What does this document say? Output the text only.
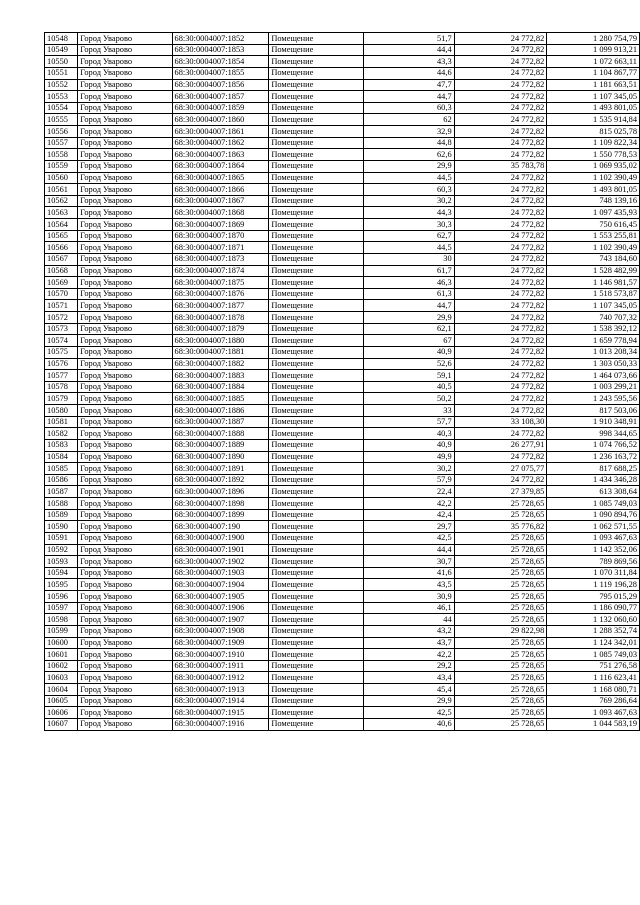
10548	Город Уварово	68:30:0004007:1852	Помещение	51,7	24 772,82	1 280 754,79
10549	Город Уварово	68:30:0004007:1853	Помещение	44,4	24 772,82	1 099 913,21
10550	Город Уварово	68:30:0004007:1854	Помещение	43,3	24 772,82	1 072 663,11
10551	Город Уварово	68:30:0004007:1855	Помещение	44,6	24 772,82	1 104 867,77
10552	Город Уварово	68:30:0004007:1856	Помещение	47,7	24 772,82	1 181 663,51
10553	Город Уварово	68:30:0004007:1857	Помещение	44,7	24 772,82	1 107 345,05
10554	Город Уварово	68:30:0004007:1859	Помещение	60,3	24 772,82	1 493 801,05
10555	Город Уварово	68:30:0004007:1860	Помещение	62	24 772,82	1 535 914,84
10556	Город Уварово	68:30:0004007:1861	Помещение	32,9	24 772,82	815 025,78
10557	Город Уварово	68:30:0004007:1862	Помещение	44,8	24 772,82	1 109 822,34
10558	Город Уварово	68:30:0004007:1863	Помещение	62,6	24 772,82	1 550 778,53
10559	Город Уварово	68:30:0004007:1864	Помещение	29,9	35 783,78	1 069 935,02
10560	Город Уварово	68:30:0004007:1865	Помещение	44,5	24 772,82	1 102 390,49
10561	Город Уварово	68:30:0004007:1866	Помещение	60,3	24 772,82	1 493 801,05
10562	Город Уварово	68:30:0004007:1867	Помещение	30,2	24 772,82	748 139,16
10563	Город Уварово	68:30:0004007:1868	Помещение	44,3	24 772,82	1 097 435,93
10564	Город Уварово	68:30:0004007:1869	Помещение	30,3	24 772,82	750 616,45
10565	Город Уварово	68:30:0004007:1870	Помещение	62,7	24 772,82	1 553 255,81
10566	Город Уварово	68:30:0004007:1871	Помещение	44,5	24 772,82	1 102 390,49
10567	Город Уварово	68:30:0004007:1873	Помещение	30	24 772,82	743 184,60
10568	Город Уварово	68:30:0004007:1874	Помещение	61,7	24 772,82	1 528 482,99
10569	Город Уварово	68:30:0004007:1875	Помещение	46,3	24 772,82	1 146 981,57
10570	Город Уварово	68:30:0004007:1876	Помещение	61,3	24 772,82	1 518 573,87
10571	Город Уварово	68:30:0004007:1877	Помещение	44,7	24 772,82	1 107 345,05
10572	Город Уварово	68:30:0004007:1878	Помещение	29,9	24 772,82	740 707,32
10573	Город Уварово	68:30:0004007:1879	Помещение	62,1	24 772,82	1 538 392,12
10574	Город Уварово	68:30:0004007:1880	Помещение	67	24 772,82	1 659 778,94
10575	Город Уварово	68:30:0004007:1881	Помещение	40,9	24 772,82	1 013 208,34
10576	Город Уварово	68:30:0004007:1882	Помещение	52,6	24 772,82	1 303 050,33
10577	Город Уварово	68:30:0004007:1883	Помещение	59,1	24 772,82	1 464 073,66
10578	Город Уварово	68:30:0004007:1884	Помещение	40,5	24 772,82	1 003 299,21
10579	Город Уварово	68:30:0004007:1885	Помещение	50,2	24 772,82	1 243 595,56
10580	Город Уварово	68:30:0004007:1886	Помещение	33	24 772,82	817 503,06
10581	Город Уварово	68:30:0004007:1887	Помещение	57,7	33 108,30	1 910 348,91
10582	Город Уварово	68:30:0004007:1888	Помещение	40,3	24 772,82	998 344,65
10583	Город Уварово	68:30:0004007:1889	Помещение	40,9	26 277,91	1 074 766,52
10584	Город Уварово	68:30:0004007:1890	Помещение	49,9	24 772,82	1 236 163,72
10585	Город Уварово	68:30:0004007:1891	Помещение	30,2	27 075,77	817 688,25
10586	Город Уварово	68:30:0004007:1892	Помещение	57,9	24 772,82	1 434 346,28
10587	Город Уварово	68:30:0004007:1896	Помещение	22,4	27 379,85	613 308,64
10588	Город Уварово	68:30:0004007:1898	Помещение	42,2	25 728,65	1 085 749,03
10589	Город Уварово	68:30:0004007:1899	Помещение	42,4	25 728,65	1 090 894,76
10590	Город Уварово	68:30:0004007:190	Помещение	29,7	35 776,82	1 062 571,55
10591	Город Уварово	68:30:0004007:1900	Помещение	42,5	25 728,65	1 093 467,63
10592	Город Уварово	68:30:0004007:1901	Помещение	44,4	25 728,65	1 142 352,06
10593	Город Уварово	68:30:0004007:1902	Помещение	30,7	25 728,65	789 869,56
10594	Город Уварово	68:30:0004007:1903	Помещение	41,6	25 728,65	1 070 311,84
10595	Город Уварово	68:30:0004007:1904	Помещение	43,5	25 728,65	1 119 196,28
10596	Город Уварово	68:30:0004007:1905	Помещение	30,9	25 728,65	795 015,29
10597	Город Уварово	68:30:0004007:1906	Помещение	46,1	25 728,65	1 186 090,77
10598	Город Уварово	68:30:0004007:1907	Помещение	44	25 728,65	1 132 060,60
10599	Город Уварово	68:30:0004007:1908	Помещение	43,2	29 822,98	1 288 352,74
10600	Город Уварово	68:30:0004007:1909	Помещение	43,7	25 728,65	1 124 342,01
10601	Город Уварово	68:30:0004007:1910	Помещение	42,2	25 728,65	1 085 749,03
10602	Город Уварово	68:30:0004007:1911	Помещение	29,2	25 728,65	751 276,58
10603	Город Уварово	68:30:0004007:1912	Помещение	43,4	25 728,65	1 116 623,41
10604	Город Уварово	68:30:0004007:1913	Помещение	45,4	25 728,65	1 168 080,71
10605	Город Уварово	68:30:0004007:1914	Помещение	29,9	25 728,65	769 286,64
10606	Город Уварово	68:30:0004007:1915	Помещение	42,5	25 728,65	1 093 467,63
10607	Город Уварово	68:30:0004007:1916	Помещение	40,6	25 728,65	1 044 583,19
